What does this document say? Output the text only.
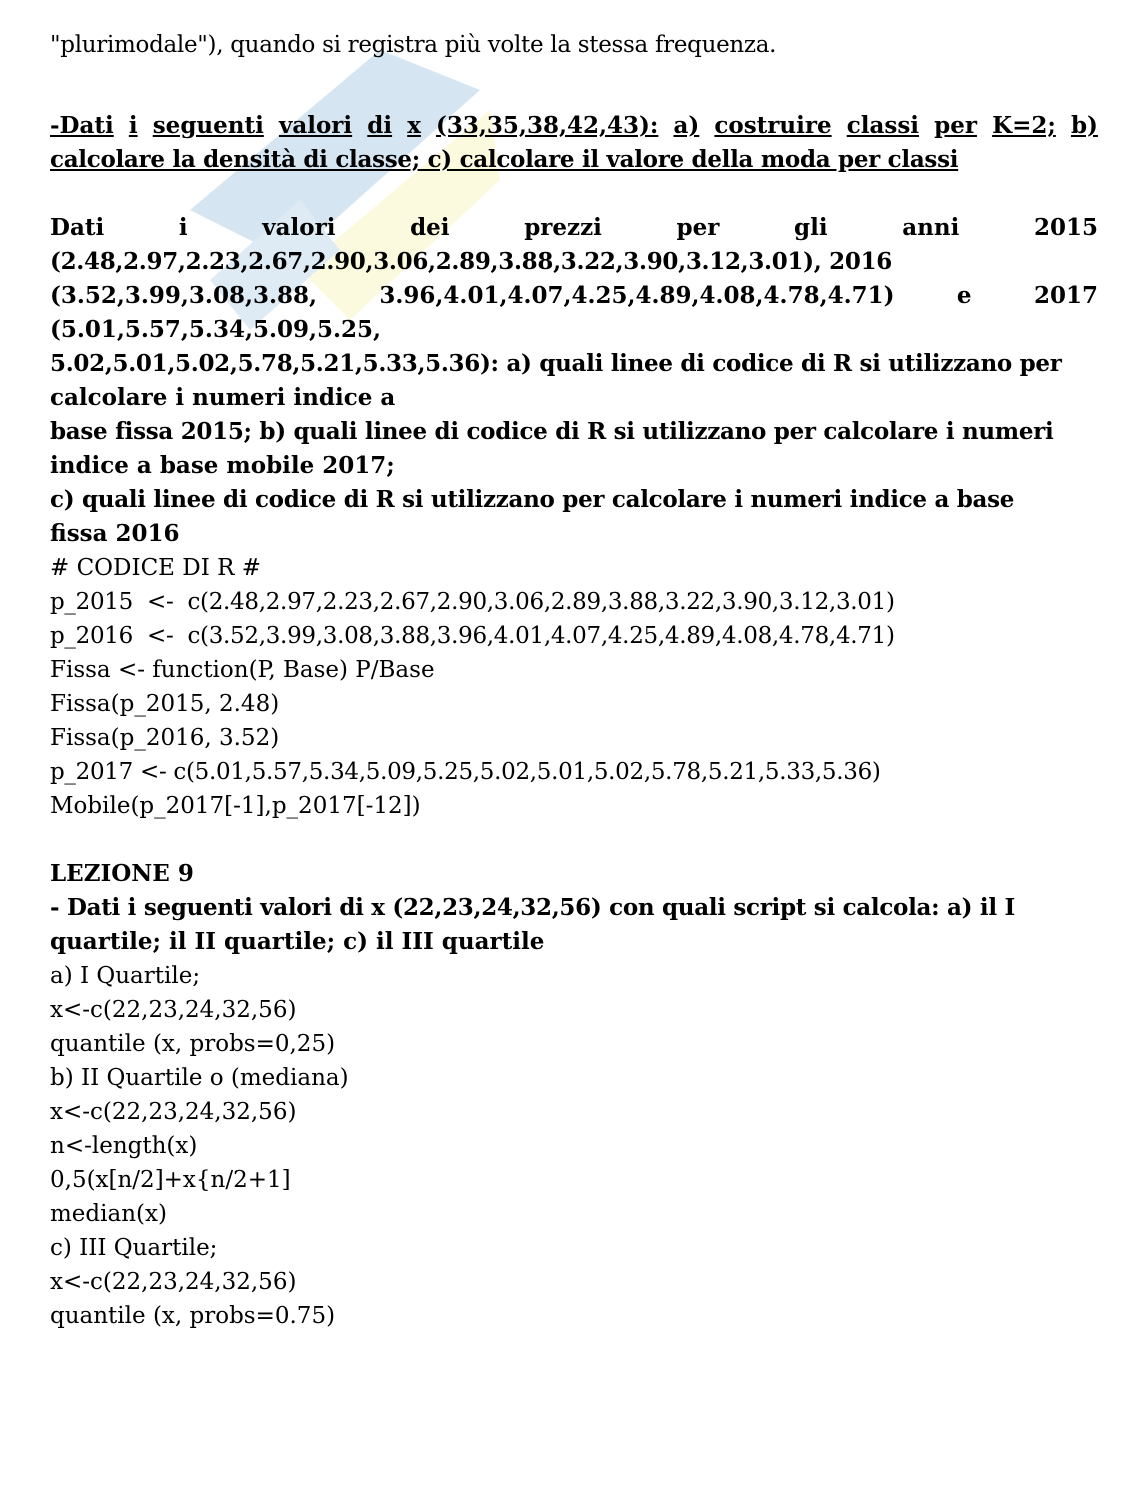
"plurimodale"), quando si registra più volte la stessa frequenza.
-Dati i seguenti valori di x (33,35,38,42,43): a) costruire classi per K=2; b)
calcolare la densità di classe; c) calcolare il valore della moda per classi
Dati	i	valori	dei	prezzi	per	gli	anni	2015
(2.48,2.97,2.23,2.67,2.90,3.06,2.89,3.88,3.22,3.90,3.12,3.01), 2016
(3.52,3.99,3.08,3.88,	3.96,4.01,4.07,4.25,4.89,4.08,4.78,4.71)	e	2017
(5.01,5.57,5.34,5.09,5.25,
5.02,5.01,5.02,5.78,5.21,5.33,5.36): a) quali linee di codice di R si utilizzano per
calcolare i numeri indice a
base fissa 2015; b) quali linee di codice di R si utilizzano per calcolare i numeri
indice a base mobile 2017;
c) quali linee di codice di R si utilizzano per calcolare i numeri indice a base
fissa 2016
# CODICE DI R #
p_2015  <-  c(2.48,2.97,2.23,2.67,2.90,3.06,2.89,3.88,3.22,3.90,3.12,3.01)
p_2016  <-  c(3.52,3.99,3.08,3.88,3.96,4.01,4.07,4.25,4.89,4.08,4.78,4.71)
Fissa <- function(P, Base) P/Base
Fissa(p_2015, 2.48)
Fissa(p_2016, 3.52)
p_2017 <- c(5.01,5.57,5.34,5.09,5.25,5.02,5.01,5.02,5.78,5.21,5.33,5.36)
Mobile(p_2017[-1],p_2017[-12])
LEZIONE 9
- Dati i seguenti valori di x (22,23,24,32,56) con quali script si calcola: a) il I
quartile; il II quartile; c) il III quartile
a) I Quartile;
x<-c(22,23,24,32,56)
quantile (x, probs=0,25)
b) II Quartile o (mediana)
x<-c(22,23,24,32,56)
n<-length(x)
0,5(x[n/2]+x{n/2+1]
median(x)
c) III Quartile;
x<-c(22,23,24,32,56)
quantile (x, probs=0.75)
